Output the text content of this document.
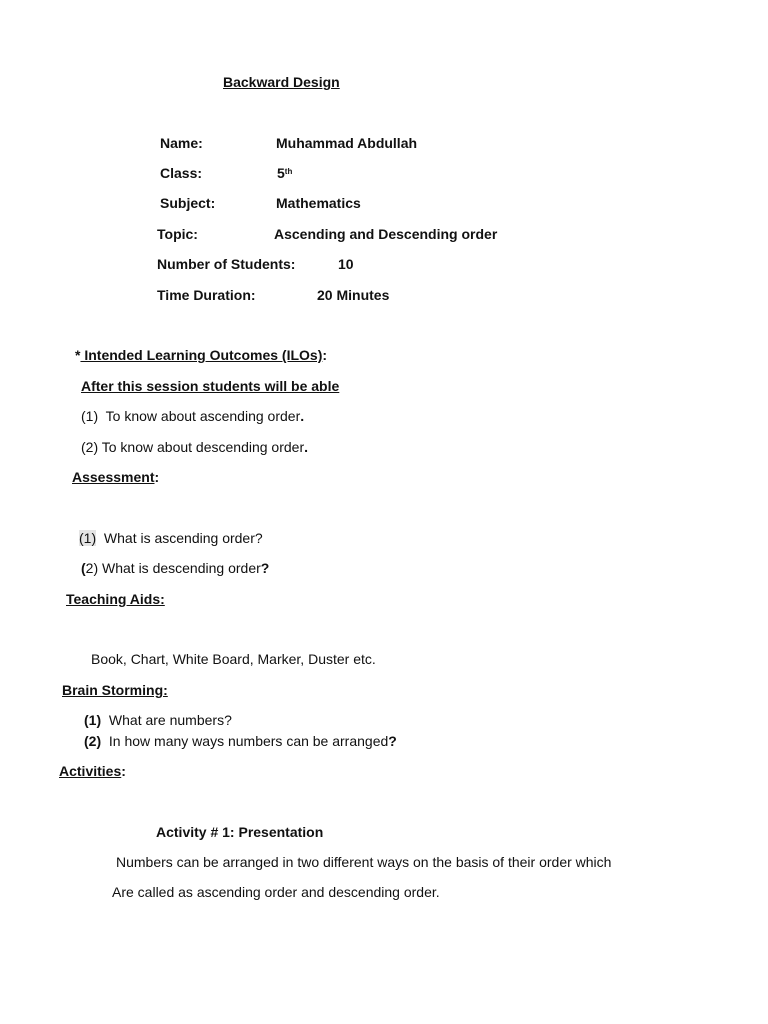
Backward Design
Name:	Muhammad Abdullah
Class:	5th
Subject:	Mathematics
Topic:	Ascending and Descending order
Number of Students:	10
Time Duration:	20 Minutes
* Intended Learning Outcomes (ILOs):
After this session students will be able
(1) To know about ascending order.
(2) To know about descending order.
Assessment:
(1) What is ascending order?
(2) What is descending order?
Teaching Aids:
Book, Chart, White Board, Marker, Duster etc.
Brain Storming:
(1) What are numbers?
(2) In how many ways numbers can be arranged?
Activities:
Activity # 1: Presentation
Numbers can be arranged in two different ways on the basis of their order which
Are called as ascending order and descending order.
